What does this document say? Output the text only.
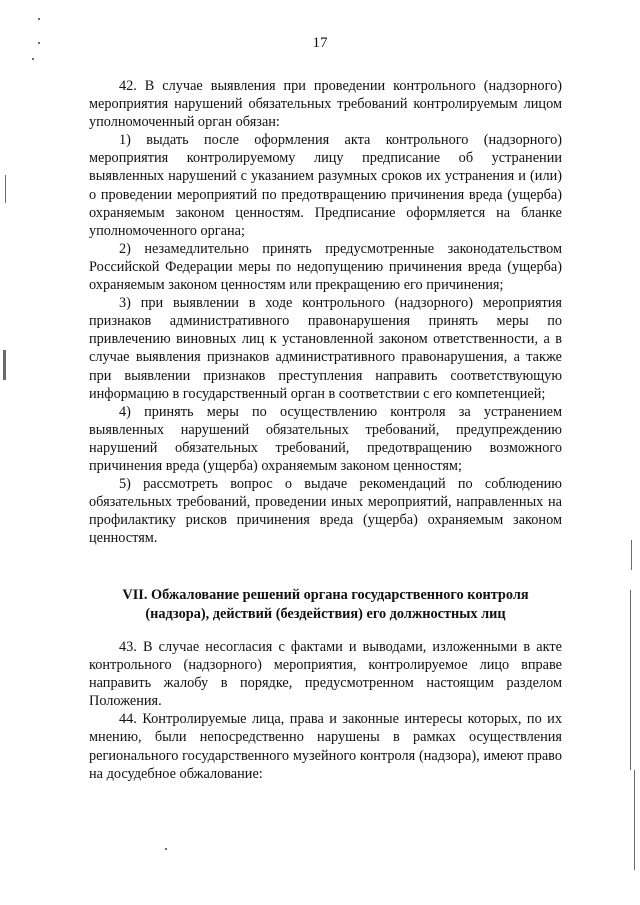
17

42. В случае выявления при проведении контрольного (надзорного) мероприятия нарушений обязательных требований контролируемым лицом уполномоченный орган обязан:

1) выдать после оформления акта контрольного (надзорного) мероприятия контролируемому лицу предписание об устранении выявленных нарушений с указанием разумных сроков их устранения и (или) о проведении мероприятий по предотвращению причинения вреда (ущерба) охраняемым законом ценностям. Предписание оформляется на бланке уполномоченного органа;

2) незамедлительно принять предусмотренные законодательством Российской Федерации меры по недопущению причинения вреда (ущерба) охраняемым законом ценностям или прекращению его причинения;

3) при выявлении в ходе контрольного (надзорного) мероприятия признаков административного правонарушения принять меры по привлечению виновных лиц к установленной законом ответственности, а в случае выявления признаков административного правонарушения, а также при выявлении признаков преступления направить соответствующую информацию в государственный орган в соответствии с его компетенцией;

4) принять меры по осуществлению контроля за устранением выявленных нарушений обязательных требований, предупреждению нарушений обязательных требований, предотвращению возможного причинения вреда (ущерба) охраняемым законом ценностям;

5) рассмотреть вопрос о выдаче рекомендаций по соблюдению обязательных требований, проведении иных мероприятий, направленных на профилактику рисков причинения вреда (ущерба) охраняемым законом ценностям.

VII. Обжалование решений органа государственного контроля
(надзора), действий (бездействия) его должностных лиц

43. В случае несогласия с фактами и выводами, изложенными в акте контрольного (надзорного) мероприятия, контролируемое лицо вправе направить жалобу в порядке, предусмотренном настоящим разделом Положения.

44. Контролируемые лица, права и законные интересы которых, по их мнению, были непосредственно нарушены в рамках осуществления регионального государственного музейного контроля (надзора), имеют право на досудебное обжалование:
